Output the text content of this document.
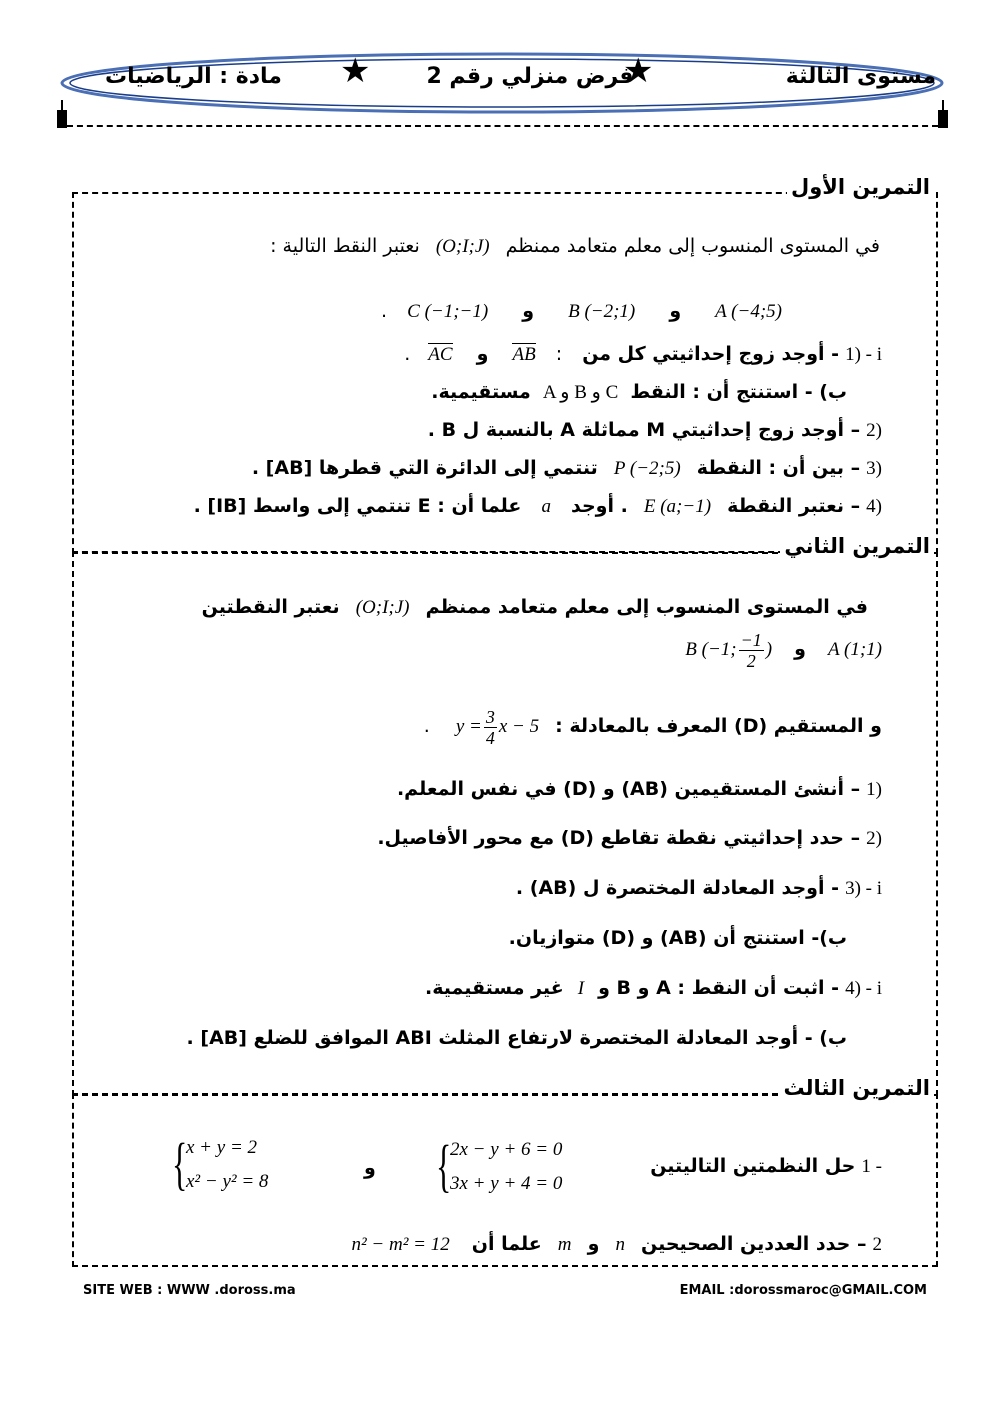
مستوى الثالثة
★
فرض منزلي رقم 2
★
مادة : الرياضيات
التمرين الأول
في المستوى المنسوب إلى معلم متعامد ممنظم (O;I;J) نعتبر النقط التالية :
A (−4;5) و B (−2;1) و C (−1;−1) .
1) - i - أوجد زوج إحداثيتي كل من : AB و AC .
ب) - استنتج أن : النقط A و B و C مستقيمية.
2) – أوجد زوج إحداثيتي M مماثلة A بالنسبة ل B .
3) – بين أن : النقطة P (−2;5) تنتمي إلى الدائرة التي قطرها [AB] .
4) – نعتبر النقطة E (a;−1) . أوجد a علما أن : E تنتمي إلى واسط [IB] .
التمرين الثاني
في المستوى المنسوب إلى معلم متعامد ممنظم (O;I;J) نعتبر النقطتين
A (1;1) و B (−1; $\frac{-1}{2}$ )
و المستقيم (D) المعرف بالمعادلة : $y = \frac{3}{4}$ x − 5 .
1) – أنشئ المستقيمين (AB) و (D) في نفس المعلم.
2) – حدد إحداثيتي نقطة تقاطع (D) مع محور الأفاصيل.
3) - i - أوجد المعادلة المختصرة ل (AB) .
ب)- استنتج أن (AB) و (D) متوازيان.
4) - i - اثبت أن النقط : A و B و I غير مستقيمية.
ب) - أوجد المعادلة المختصرة لارتفاع المثلث ABI الموافق للضلع [AB] .
التمرين الثالث
1 - حل النظمتين التاليتين
{
2x − y + 6 = 0
3x + y + 4 = 0
و
{
x + y = 2
x² − y² = 8
2 – حدد العددين الصحيحين n و m علما أن n² − m² = 12
SITE WEB : WWW .doross.ma	EMAIL :dorossmaroc@GMAIL.COM
